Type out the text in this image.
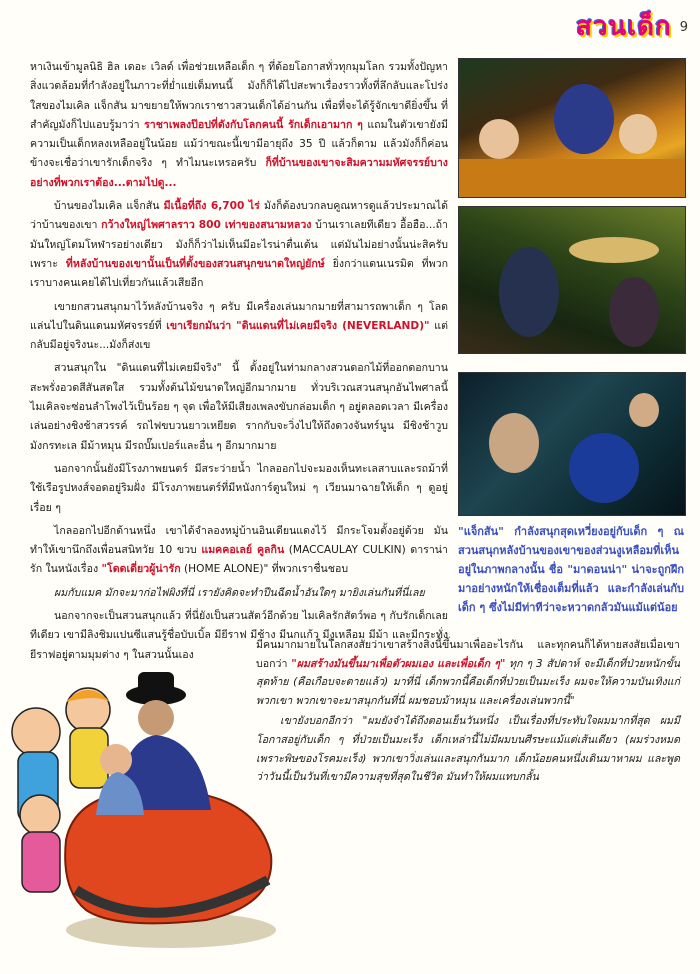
สวนเด็ก 9

หาเงินเข้ามูลนิธิ ฮิล เดอะ เวิลด์ เพื่อช่วยเหลือเด็ก ๆ ที่ด้อยโอกาสทั่วทุกมุมโลก รวมทั้งปัญหาสิ่งแวดล้อมที่กำลังอยู่ในภาวะที่ย่ำแย่เต็มทนนี้ มังก็ก็ได้ไปสะพาเรื่องราวทั้งที่ลึกลับและโปร่งใสของไมเคิล แจ็กสัน มาขยายให้พวกเราชาวสวนเด็กได้อ่านกัน เพื่อที่จะได้รู้จักเขาดียิ่งขึ้น ที่สำคัญมังก็ไปแอบรู้มาว่า ราชาเพลงป๊อปที่ดังกับโลกคนนี้ รักเด็กเอามาก ๆ แถมในตัวเขายังมีความเป็นเด็กหลงเหลืออยู่ในน้อย แม้ว่าขณะนี้เขามีอายุถึง 35 ปี แล้วก็ตาม แล้วมังก็ก็ค่อนข้างจะเชื่อว่าเขารักเด็กจริง ๆ ทำไมนะเหรอครับ ก็ที่บ้านของเขาจะสิมความมหัศจรรย์บางอย่างที่พวกเราต้อง...ตามไปดู...

บ้านของไมเคิล แจ็กสัน มีเนื้อที่ถึง 6,700 ไร่ มังก็ต้องบวกลบคูณหารดูแล้วประมาณได้ว่าบ้านของเขา กว้างใหญ่ไพศาลราว 800 เท่าของสนามหลวง บ้านเราเลยทีเดียว อื้อฮือ...ถ้ามันใหญ่โตมโหฬารอย่างเดียว มังก็ก็ว่าไม่เห็นมีอะไรน่าตื่นเต้น แต่มันไม่อย่างนั้นน่ะสิครับ เพราะ ที่หลังบ้านของเขานั้นเป็นที่ตั้งของสวนสนุกขนาดใหญ่ยักษ์ ยิ่งกว่าแดนเนรมิต ที่พวกเราบางคนเคยได้ไปเที่ยวกันแล้วเสียอีก

เขายกสวนสนุกมาไว้หลังบ้านจริง ๆ ครับ มีเครื่องเล่นมากมายที่สามารถพาเด็ก ๆ โลดแล่นไปในดินแดนมหัศจรรย์ที่ เขาเรียกมันว่า "ดินแดนที่ไม่เคยมีจริง (NEVERLAND)" แต่กลับมีอยู่จริงนะ...มังก็ส่งเข

สวนสนุกใน "ดินแดนที่ไม่เคยมีจริง" นี้ ตั้งอยู่ในท่ามกลางสวนดอกไม้ที่ออกดอกบานสะพรั่งอวดสีสันสดใส รวมทั้งต้นไม้ขนาดใหญ่อีกมากมาย ทั่วบริเวณสวนสนุกอันไพศาลนี้ ไมเคิลจะซ่อนลำโพงไว้เป็นร้อย ๆ จุด เพื่อให้มีเสียงเพลงขับกล่อมเด็ก ๆ อยู่ตลอดเวลา มีเครื่องเล่นอย่างชิงช้าสวรรค์ รถไฟขบวนยาวเหยียด รากกับจะวิ่งไปให้ถึงดวงจันทร์นูน มีชิงช้าวูบมังกรทะเล มีม้าหมุน มีรถบั๊มเปอร์และอื่น ๆ อีกมากมาย

นอกจากนั้นยังมีโรงภาพยนตร์ มีสระว่ายน้ำ ไกลออกไปจะมองเห็นทะเลสาบและรถม้าที่ใช้เรือรูปหงส์จอดอยู่ริมฝั่ง มีโรงภาพยนตร์ที่มีหนังการ์ตูนใหม่ ๆ เวียนมาฉายให้เด็ก ๆ ดูอยู่เรื่อย ๆ

ไกลออกไปอีกด้านหนึ่ง เขาได้จำลองหมู่บ้านอินเดียนแดงไว้ มีกระโจมตั้งอยู่ด้วย มันทำให้เขานึกถึงเพื่อนสนิทวัย 10 ขวบ แมคคอเลย์ คูลกิน (MACCAULAY CULKIN) ดาราน่ารัก ในหนังเรื่อง "โดดเดี่ยวผู้น่ารัก (HOME ALONE)" ที่พวกเราชื่นชอบ

ผมกับแมค มักจะมาก่อไฟผิงที่นี่ เรายังคิดจะทำปืนฉีดน้ำอันใดๆ มายิงเล่นกันที่นี่เลย

นอกจากจะเป็นสวนสนุกแล้ว ที่นี่ยังเป็นสวนสัตว์อีกด้วย ไมเคิลรักสัตว์พอ ๆ กับรักเด็กเลยทีเดียว เขามีลิงชิมแปนซีแสนรู้ชื่อบับเบิ้ล มียีราฟ มีช้าง มีนกแก้ว มีงูเหลือม มีม้า และมีกระทั่งยีราฟอยู่ตามมุมต่าง ๆ ในสวนนั้นเอง

"แจ็กสัน" กำลังสนุกสุดเหวี่ยงอยู่กับเด็ก ๆ ณ สวนสนุกหลังบ้านของเขาของส่วนงูเหลือมที่เห็นอยู่ในภาพกลางนั้น ชื่อ "มาดอนน่า" น่าจะถูกฝึกมาอย่างหนักให้เชื่องเต็มที่แล้ว และกำลังเล่นกับเด็ก ๆ ซึ่งไม่มีท่าทีว่าจะหวาดกลัวมันแม้แต่น้อย

มีคนมากมายในโลกสงสัยว่าเขาสร้างสิ่งนี้ขึ้นมาเพื่ออะไรกัน และทุกคนก็ได้หายสงสัยเมื่อเขาบอกว่า "ผมสร้างมันขึ้นมาเพื่อตัวผมเอง และเพื่อเด็ก ๆ" ทุก ๆ 3 สัปดาห์ จะมีเด็กที่ป่วยหนักขั้นสุดท้าย (คือเกือบจะตายแล้ว) มาที่นี่ เด็กพวกนี้คือเด็กที่ป่วยเป็นมะเร็ง ผมจะให้ความบันเทิงแก่พวกเขา พวกเขาจะมาสนุกกันที่นี่ ผมชอบม้าหมุน และเครื่องเล่นพวกนี้"

เขายังบอกอีกว่า "ผมยังจำได้ถึงตอนเย็นวันหนึ่ง เป็นเรื่องที่ประทับใจผมมากที่สุด ผมมีโอกาสอยู่กับเด็ก ๆ ที่ป่วยเป็นมะเร็ง เด็กเหล่านี้ไม่มีผมบนศีรษะแม้แต่เส้นเดียว (ผมร่วงหมด เพราะพิษของโรคมะเร็ง) พวกเขาวิ่งเล่นและสนุกกันมาก เด็กน้อยคนหนึ่งเดินมาหาผม และพูดว่าวันนี้เป็นวันที่เขามีความสุขที่สุดในชีวิต มันทำให้ผมแทบกลั้น
